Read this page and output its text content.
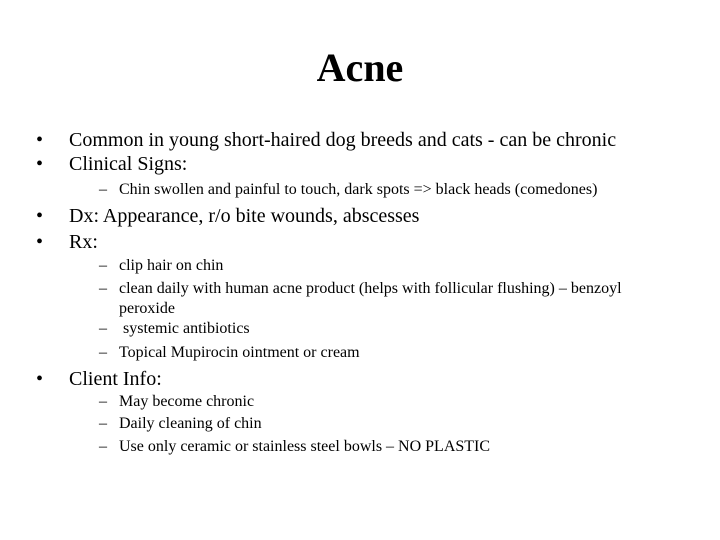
Acne
•	Common in young short-haired dog breeds and cats - can be chronic
•	Clinical Signs:
– Chin swollen and painful to touch, dark spots => black heads (comedones)
•	Dx: Appearance, r/o bite wounds, abscesses
•	Rx:
– clip hair on chin
– clean daily with human acne product (helps with follicular flushing) – benzoyl peroxide
– systemic antibiotics
– Topical Mupirocin ointment or cream
•	Client Info:
– May become chronic
– Daily cleaning of chin
– Use only ceramic or stainless steel bowls – NO PLASTIC
